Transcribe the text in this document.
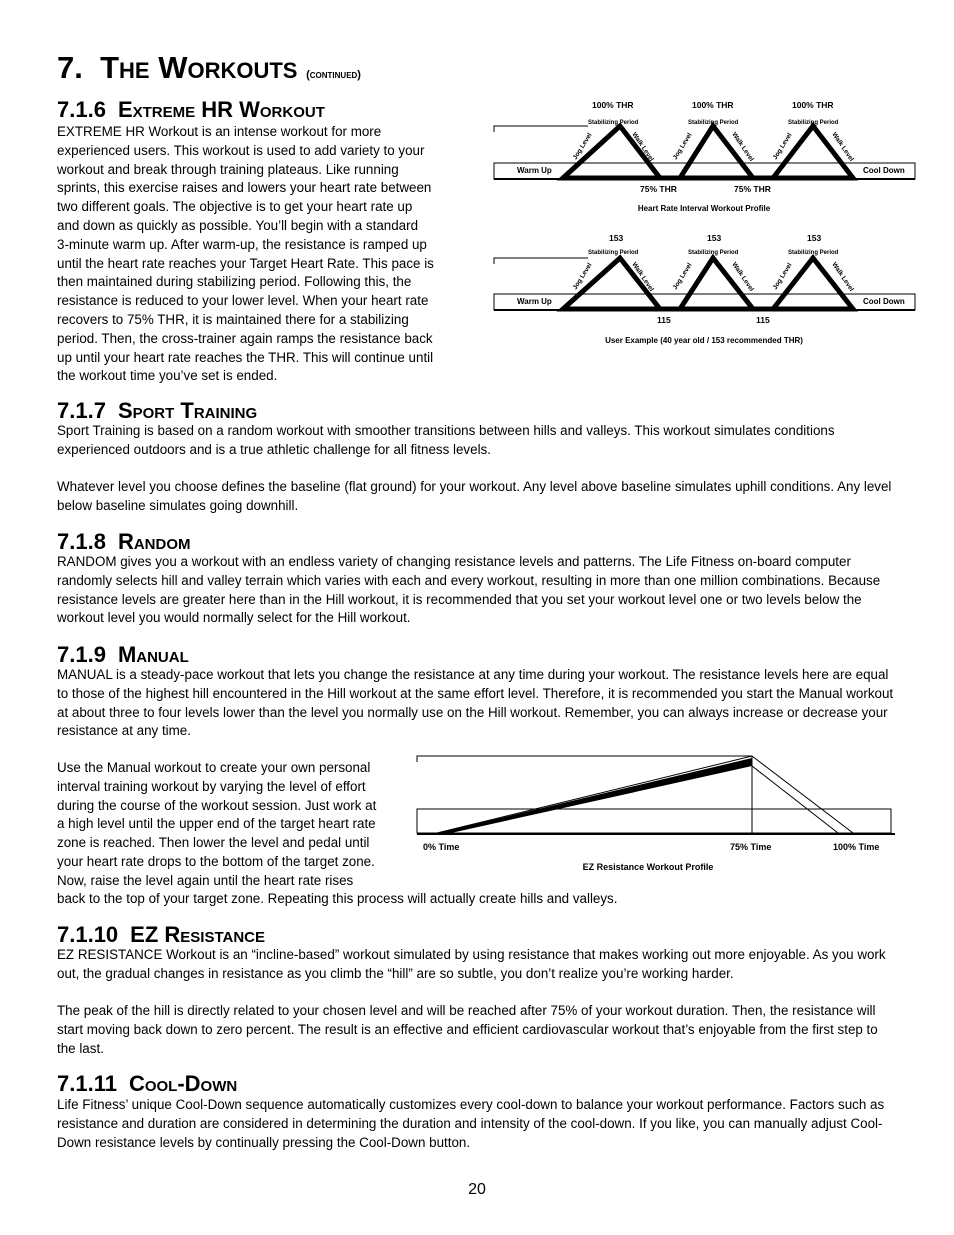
7. The Workouts (continued)
7.1.6 Extreme HR Workout

EXTREME HR Workout is an intense workout for more

experienced users. This workout is used to add variety to your

workout and break through training plateaus. Like running

sprints, this exercise raises and lowers your heart rate between

two different goals. The objective is to get your heart rate up

and down as quickly as possible. You’ll begin with a standard

3-minute warm up. After warm-up, the resistance is ramped up

until the heart rate reaches your Target Heart Rate. This pace is

then maintained during stabilizing period. Following this, the

resistance is reduced to your lower level. When your heart rate

recovers to 75% THR, it is maintained there for a stabilizing

period. Then, the cross-trainer again ramps the resistance back

up until your heart rate reaches the THR. This will continue until

the workout time you’ve set is ended.

100% THR	100% THR	100% THR
Stabilizing Period	Stabilizing Period	Stabilizing Period
Jog Level	Jog Level	Jog Level
Walk Level	Walk Level	Walk Level
Warm Up	Cool Down
75% THR	75% THR
Heart Rate Interval Workout Profile
153	153	153
Stabilizing Period	Stabilizing Period	Stabilizing Period
Jog Level	Jog Level	Jog Level
Walk Level	Walk Level	Walk Level
Warm Up	Cool Down
115	115
User Example (40 year old / 153 recommended THR)
7.1.7 Sport Training

Sport Training is based on a random workout with smoother transitions between hills and valleys. This workout simulates conditions experienced outdoors and is a true athletic challenge for all fitness levels.

Whatever level you choose defines the baseline (flat ground) for your workout. Any level above baseline simulates uphill conditions. Any level below baseline simulates going downhill.

7.1.8 Random

RANDOM gives you a workout with an endless variety of changing resistance levels and patterns. The Life Fitness on-board computer randomly selects hill and valley terrain which varies with each and every workout, resulting in more than one million combinations. Because resistance levels are greater here than in the Hill workout, it is recommended that you set your workout level one or two levels below the workout level you would normally select for the Hill workout.

7.1.9 Manual

MANUAL is a steady-pace workout that lets you change the resistance at any time during your workout. The resistance levels here are equal to those of the highest hill encountered in the Hill workout at the same effort level. Therefore, it is recommended you start the Manual workout at about three to four levels lower than the level you normally use on the Hill workout. Remember, you can always increase or decrease your resistance at any time.

Use the Manual workout to create your own personal

interval training workout by varying the level of effort

during the course of the workout session. Just work at

a high level until the upper end of the target heart rate

zone is reached. Then lower the level and pedal until

your heart rate drops to the bottom of the target zone.

Now, raise the level again until the heart rate rises

back to the top of your target zone. Repeating this process will actually create hills and valleys.

0% Time	75% Time	100% Time
EZ Resistance Workout Profile
7.1.10 EZ Resistance

EZ RESISTANCE Workout is an “incline-based” workout simulated by using resistance that makes working out more enjoyable. As you work out, the gradual changes in resistance as you climb the “hill” are so subtle, you don’t realize you’re working harder.

The peak of the hill is directly related to your chosen level and will be reached after 75% of your workout duration. Then, the resistance will start moving back down to zero percent. The result is an effective and efficient cardiovascular workout that’s enjoyable from the first step to the last.

7.1.11 Cool-Down

Life Fitness’ unique Cool-Down sequence automatically customizes every cool-down to balance your workout performance. Factors such as resistance and duration are considered in determining the duration and intensity of the cool-down. If you like, you can manually adjust Cool-Down resistance levels by continually pressing the Cool-Down button.

20
